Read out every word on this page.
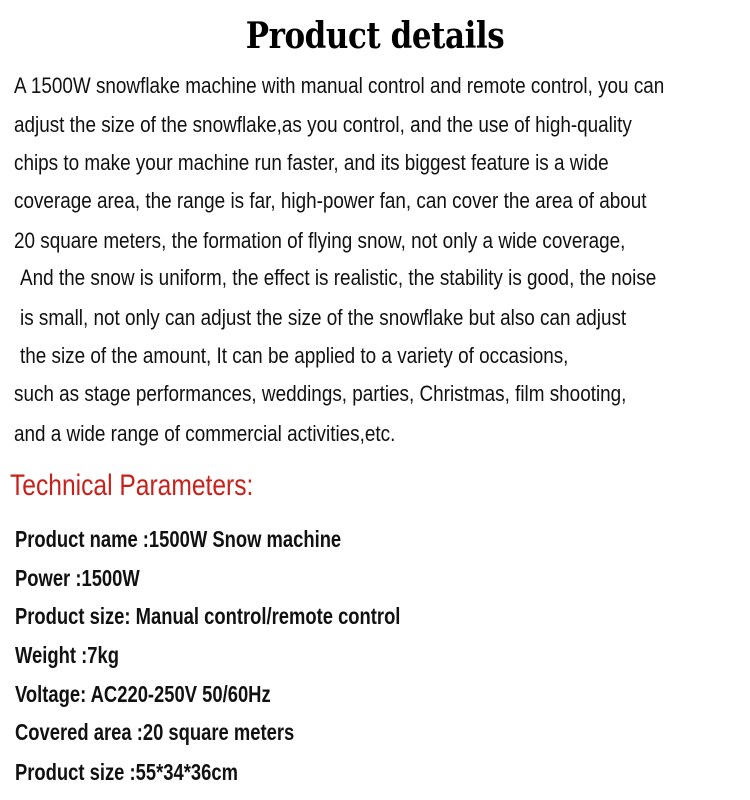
Product details
A 1500W snowflake machine with manual control and remote control, you can
adjust the size of the snowflake,as you control, and the use of high-quality
chips to make your machine run faster, and its biggest feature is a wide
coverage area, the range is far, high-power fan, can cover the area of about
20 square meters, the formation of flying snow, not only a wide coverage,
And the snow is uniform, the effect is realistic, the stability is good, the noise
is small, not only can adjust the size of the snowflake but also can adjust
the size of the amount, It can be applied to a variety of occasions,
such as stage performances, weddings, parties, Christmas, film shooting,
and a wide range of commercial activities,etc.
Technical Parameters:
Product name :1500W Snow machine
Power :1500W
Product size: Manual control/remote control
Weight :7kg
Voltage: AC220-250V 50/60Hz
Covered area :20 square meters
Product size :55*34*36cm
